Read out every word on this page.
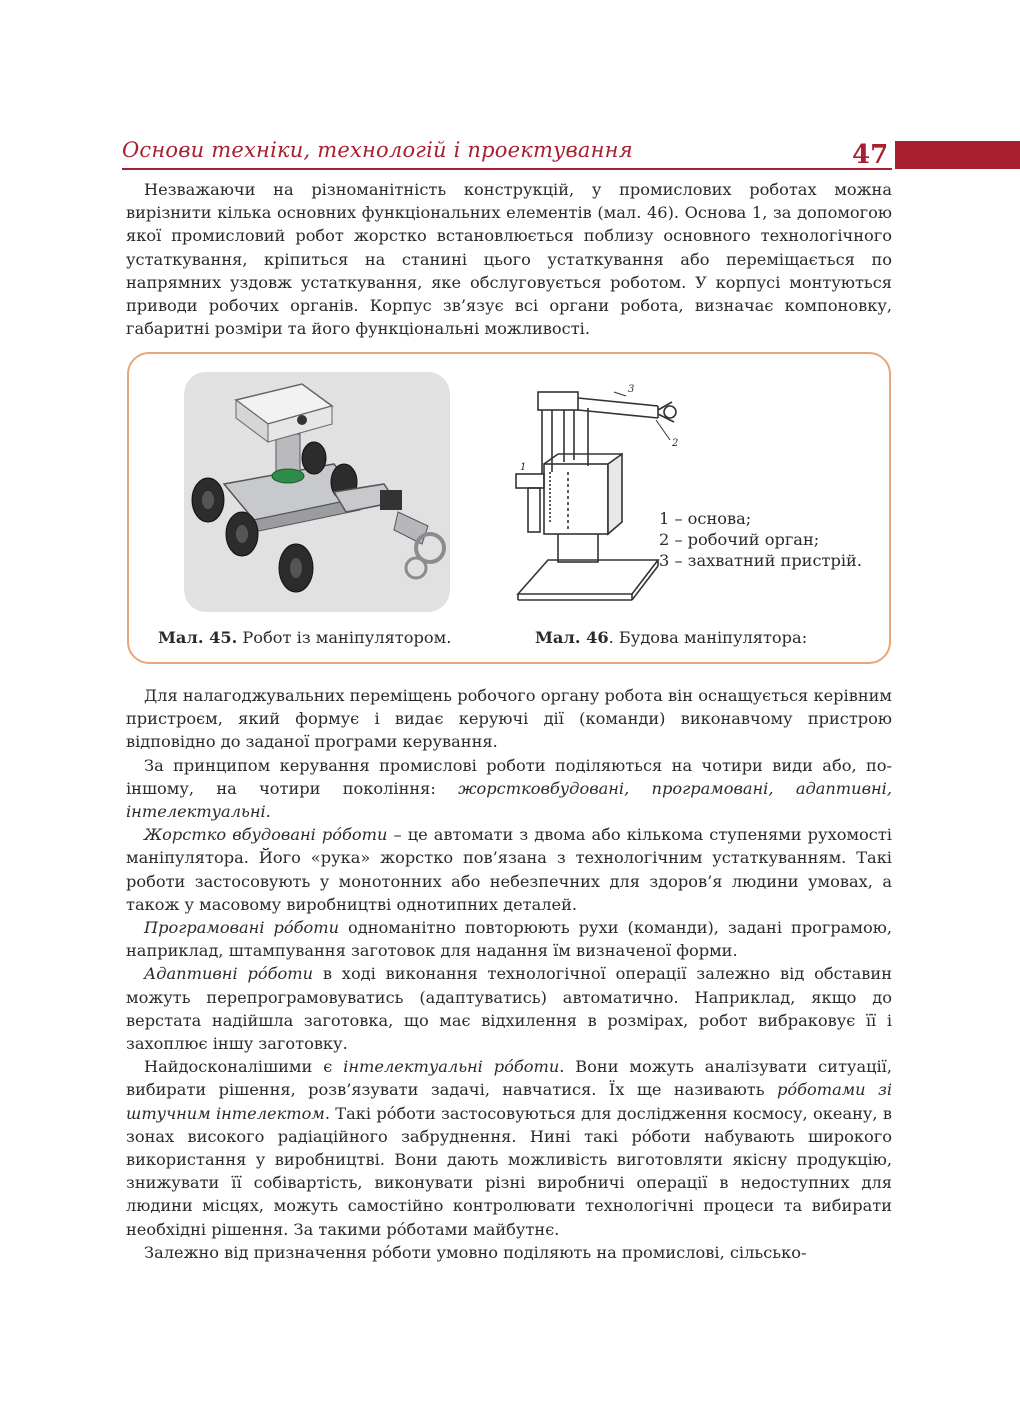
Основи техніки, технологій і проектування	47

Незважаючи на різноманітність конструкцій, у промислових роботах можна вирізнити кілька основних функціональних елементів (мал. 46). Основа 1, за допомогою якої промисловий робот жорстко встановлюється поблизу основного технологічного устаткування, кріпиться на станині цього устаткування або переміщається по напрямних уздовж устаткування, яке обслуговується роботом. У корпусі монтуються приводи робочих органів. Корпус зв’язує всі органи робота, визначає компоновку, габаритні розміри та його функціональні можливості.

1
2
3
1 – основа;
2 – робочий орган;
3 – захватний пристрій.
Мал. 45. Робот із маніпулятором.	Мал. 46. Будова маніпулятора:

Для налагоджувальних переміщень робочого органу робота він оснащується керівним пристроєм, який формує і видає керуючі дії (команди) виконавчому пристрою відповідно до заданої програми керування.

За принципом керування промислові роботи поділяються на чотири види або, по-іншому, на чотири покоління: жорстковбудовані, програмовані, адаптивні, інтелектуальні.

Жорстко вбудовані ро́боти – це автомати з двома або кількома ступенями рухомості маніпулятора. Його «рука» жорстко пов’язана з технологічним устаткуванням. Такі роботи застосовують у монотонних або небезпечних для здоров’я людини умовах, а також у масовому виробництві однотипних деталей.

Програмовані ро́боти одноманітно повторюють рухи (команди), задані програмою, наприклад, штампування заготовок для надання їм визначеної форми.

Адаптивні ро́боти в ході виконання технологічної операції залежно від обставин можуть перепрограмовуватись (адаптуватись) автоматично. Наприклад, якщо до верстата надійшла заготовка, що має відхилення в розмірах, робот вибраковує її і захоплює іншу заготовку.

Найдосконалішими є інтелектуальні ро́боти. Вони можуть аналізувати ситуації, вибирати рішення, розв’язувати задачі, навчатися. Їх ще називають ро́ботами зі штучним інтелектом. Такі ро́боти застосовуються для дослідження космосу, океану, в зонах високого радіаційного забруднення. Нині такі ро́боти набувають широкого використання у виробництві. Вони дають можливість виготовляти якісну продукцію, знижувати її собівартість, виконувати різні виробничі операції в недоступних для людини місцях, можуть самостійно контролювати технологічні процеси та вибирати необхідні рішення. За такими ро́ботами майбутнє.

Залежно від призначення ро́боти умовно поділяють на промислові, сільсько-
